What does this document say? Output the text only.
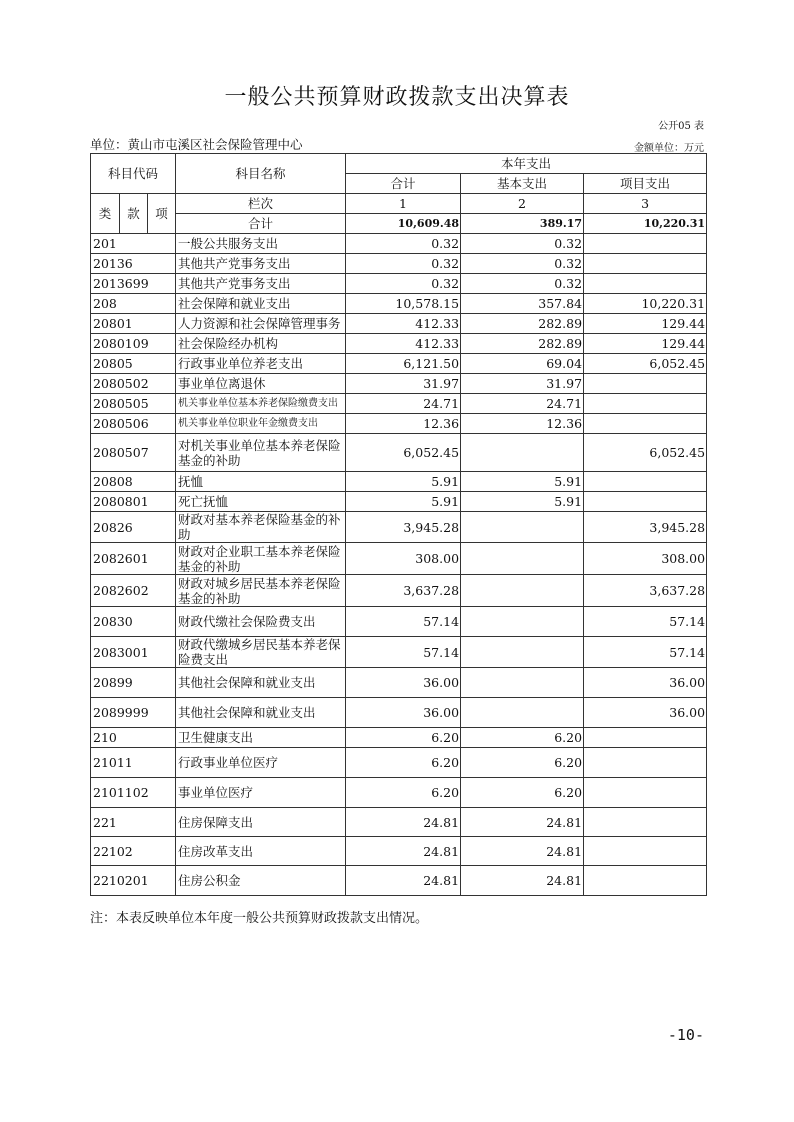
一般公共预算财政拨款支出决算表
公开05 表
单位：黄山市屯溪区社会保险管理中心	金额单位：万元
科目代码			科目名称	本年支出		
				合计	基本支出	项目支出
类	款	项	栏次	1	2	3
			合计	10,609.48	389.17	10,220.31
201			一般公共服务支出	0.32	0.32	
20136			其他共产党事务支出	0.32	0.32	
2013699			其他共产党事务支出	0.32	0.32	
208			社会保障和就业支出	10,578.15	357.84	10,220.31
20801			人力资源和社会保障管理事务	412.33	282.89	129.44
2080109			社会保险经办机构	412.33	282.89	129.44
20805			行政事业单位养老支出	6,121.50	69.04	6,052.45
2080502			事业单位离退休	31.97	31.97	
2080505			机关事业单位基本养老保险缴费支出	24.71	24.71	
2080506			机关事业单位职业年金缴费支出	12.36	12.36	
2080507			对机关事业单位基本养老保险基金的补助	6,052.45		6,052.45
20808			抚恤	5.91	5.91	
2080801			死亡抚恤	5.91	5.91	
20826			财政对基本养老保险基金的补助	3,945.28		3,945.28
2082601			财政对企业职工基本养老保险基金的补助	308.00		308.00
2082602			财政对城乡居民基本养老保险基金的补助	3,637.28		3,637.28
20830			财政代缴社会保险费支出	57.14		57.14
2083001			财政代缴城乡居民基本养老保险费支出	57.14		57.14
20899			其他社会保障和就业支出	36.00		36.00
2089999			其他社会保障和就业支出	36.00		36.00
210			卫生健康支出	6.20	6.20	
21011			行政事业单位医疗	6.20	6.20	
2101102			事业单位医疗	6.20	6.20	
221			住房保障支出	24.81	24.81	
22102			住房改革支出	24.81	24.81	
2210201			住房公积金	24.81	24.81	
注：本表反映单位本年度一般公共预算财政拨款支出情况。
-10-
